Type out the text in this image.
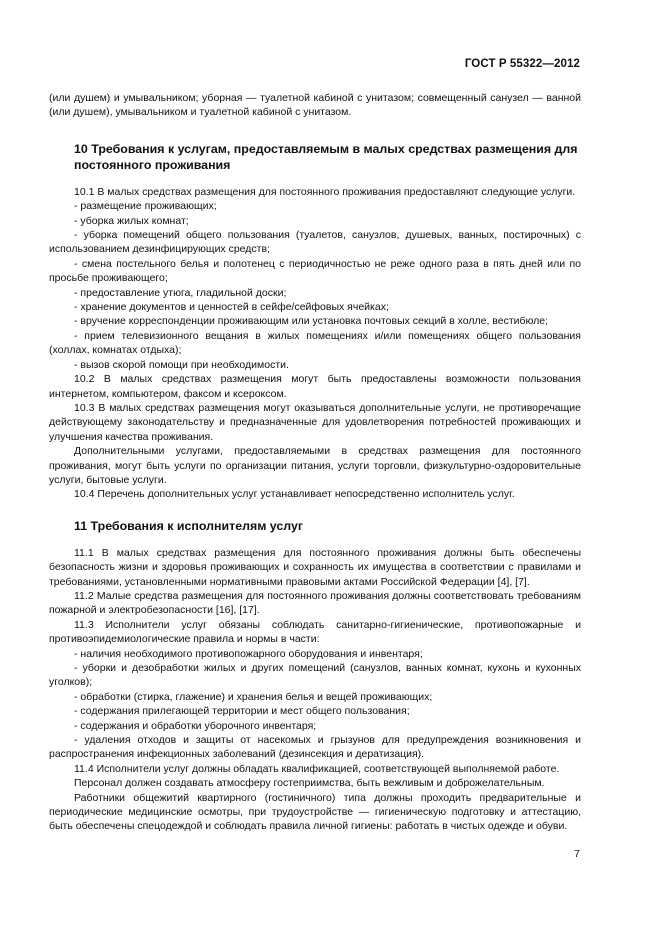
ГОСТ Р 55322—2012

(или душем) и умывальником; уборная — туалетной кабиной с унитазом; совмещенный санузел — ванной (или душем), умывальником и туалетной кабиной с унитазом.

10 Требования к услугам, предоставляемым в малых средствах размещения для постоянного проживания

10.1 В малых средствах размещения для постоянного проживания предоставляют следующие услуги.

- размещение проживающих;

- уборка жилых комнат;

- уборка помещений общего пользования (туалетов, санузлов, душевых, ванных, постирочных) с использованием дезинфицирующих средств;

- смена постельного белья и полотенец с периодичностью не реже одного раза в пять дней или по просьбе проживающего;

- предоставление утюга, гладильной доски;

- хранение документов и ценностей в сейфе/сейфовых ячейках;

- вручение корреспонденции проживающим или установка почтовых секций в холле, вестибюле;

- прием телевизионного вещания в жилых помещениях и/или помещениях общего пользования (холлах, комнатах отдыха);

- вызов скорой помощи при необходимости.

10.2 В малых средствах размещения могут быть предоставлены возможности пользования интернетом, компьютером, факсом и ксероксом.

10.3 В малых средствах размещения могут оказываться дополнительные услуги, не противоречащие действующему законодательству и предназначенные для удовлетворения потребностей проживающих и улучшения качества проживания.

Дополнительными услугами, предоставляемыми в средствах размещения для постоянного проживания, могут быть услуги по организации питания, услуги торговли, физкультурно-оздоровительные услуги, бытовые услуги.

10.4 Перечень дополнительных услуг устанавливает непосредственно исполнитель услуг.

11 Требования к исполнителям услуг

11.1 В малых средствах размещения для постоянного проживания должны быть обеспечены безопасность жизни и здоровья проживающих и сохранность их имущества в соответствии с правилами и требованиями, установленными нормативными правовыми актами Российской Федерации [4], [7].

11.2 Малые средства размещения для постоянного проживания должны соответствовать требованиям пожарной и электробезопасности [16], [17].

11.3 Исполнители услуг обязаны соблюдать санитарно-гигиенические, противопожарные и противоэпидемиологические правила и нормы в части:

- наличия необходимого противопожарного оборудования и инвентаря;

- уборки и дезобработки жилых и других помещений (санузлов, ванных комнат, кухонь и кухонных уголков);

- обработки (стирка, глажение) и хранения белья и вещей проживающих;

- содержания прилегающей территории и мест общего пользования;

- содержания и обработки уборочного инвентаря;

- удаления отходов и защиты от насекомых и грызунов для предупреждения возникновения и распространения инфекционных заболеваний (дезинсекция и дератизация).

11.4 Исполнители услуг должны обладать квалификацией, соответствующей выполняемой работе.

Персонал должен создавать атмосферу гостеприимства, быть вежливым и доброжелательным.

Работники общежитий квартирного (гостиничного) типа должны проходить предварительные и периодические медицинские осмотры, при трудоустройстве — гигиеническую подготовку и аттестацию, быть обеспечены спецодеждой и соблюдать правила личной гигиены: работать в чистых одежде и обуви.

7
